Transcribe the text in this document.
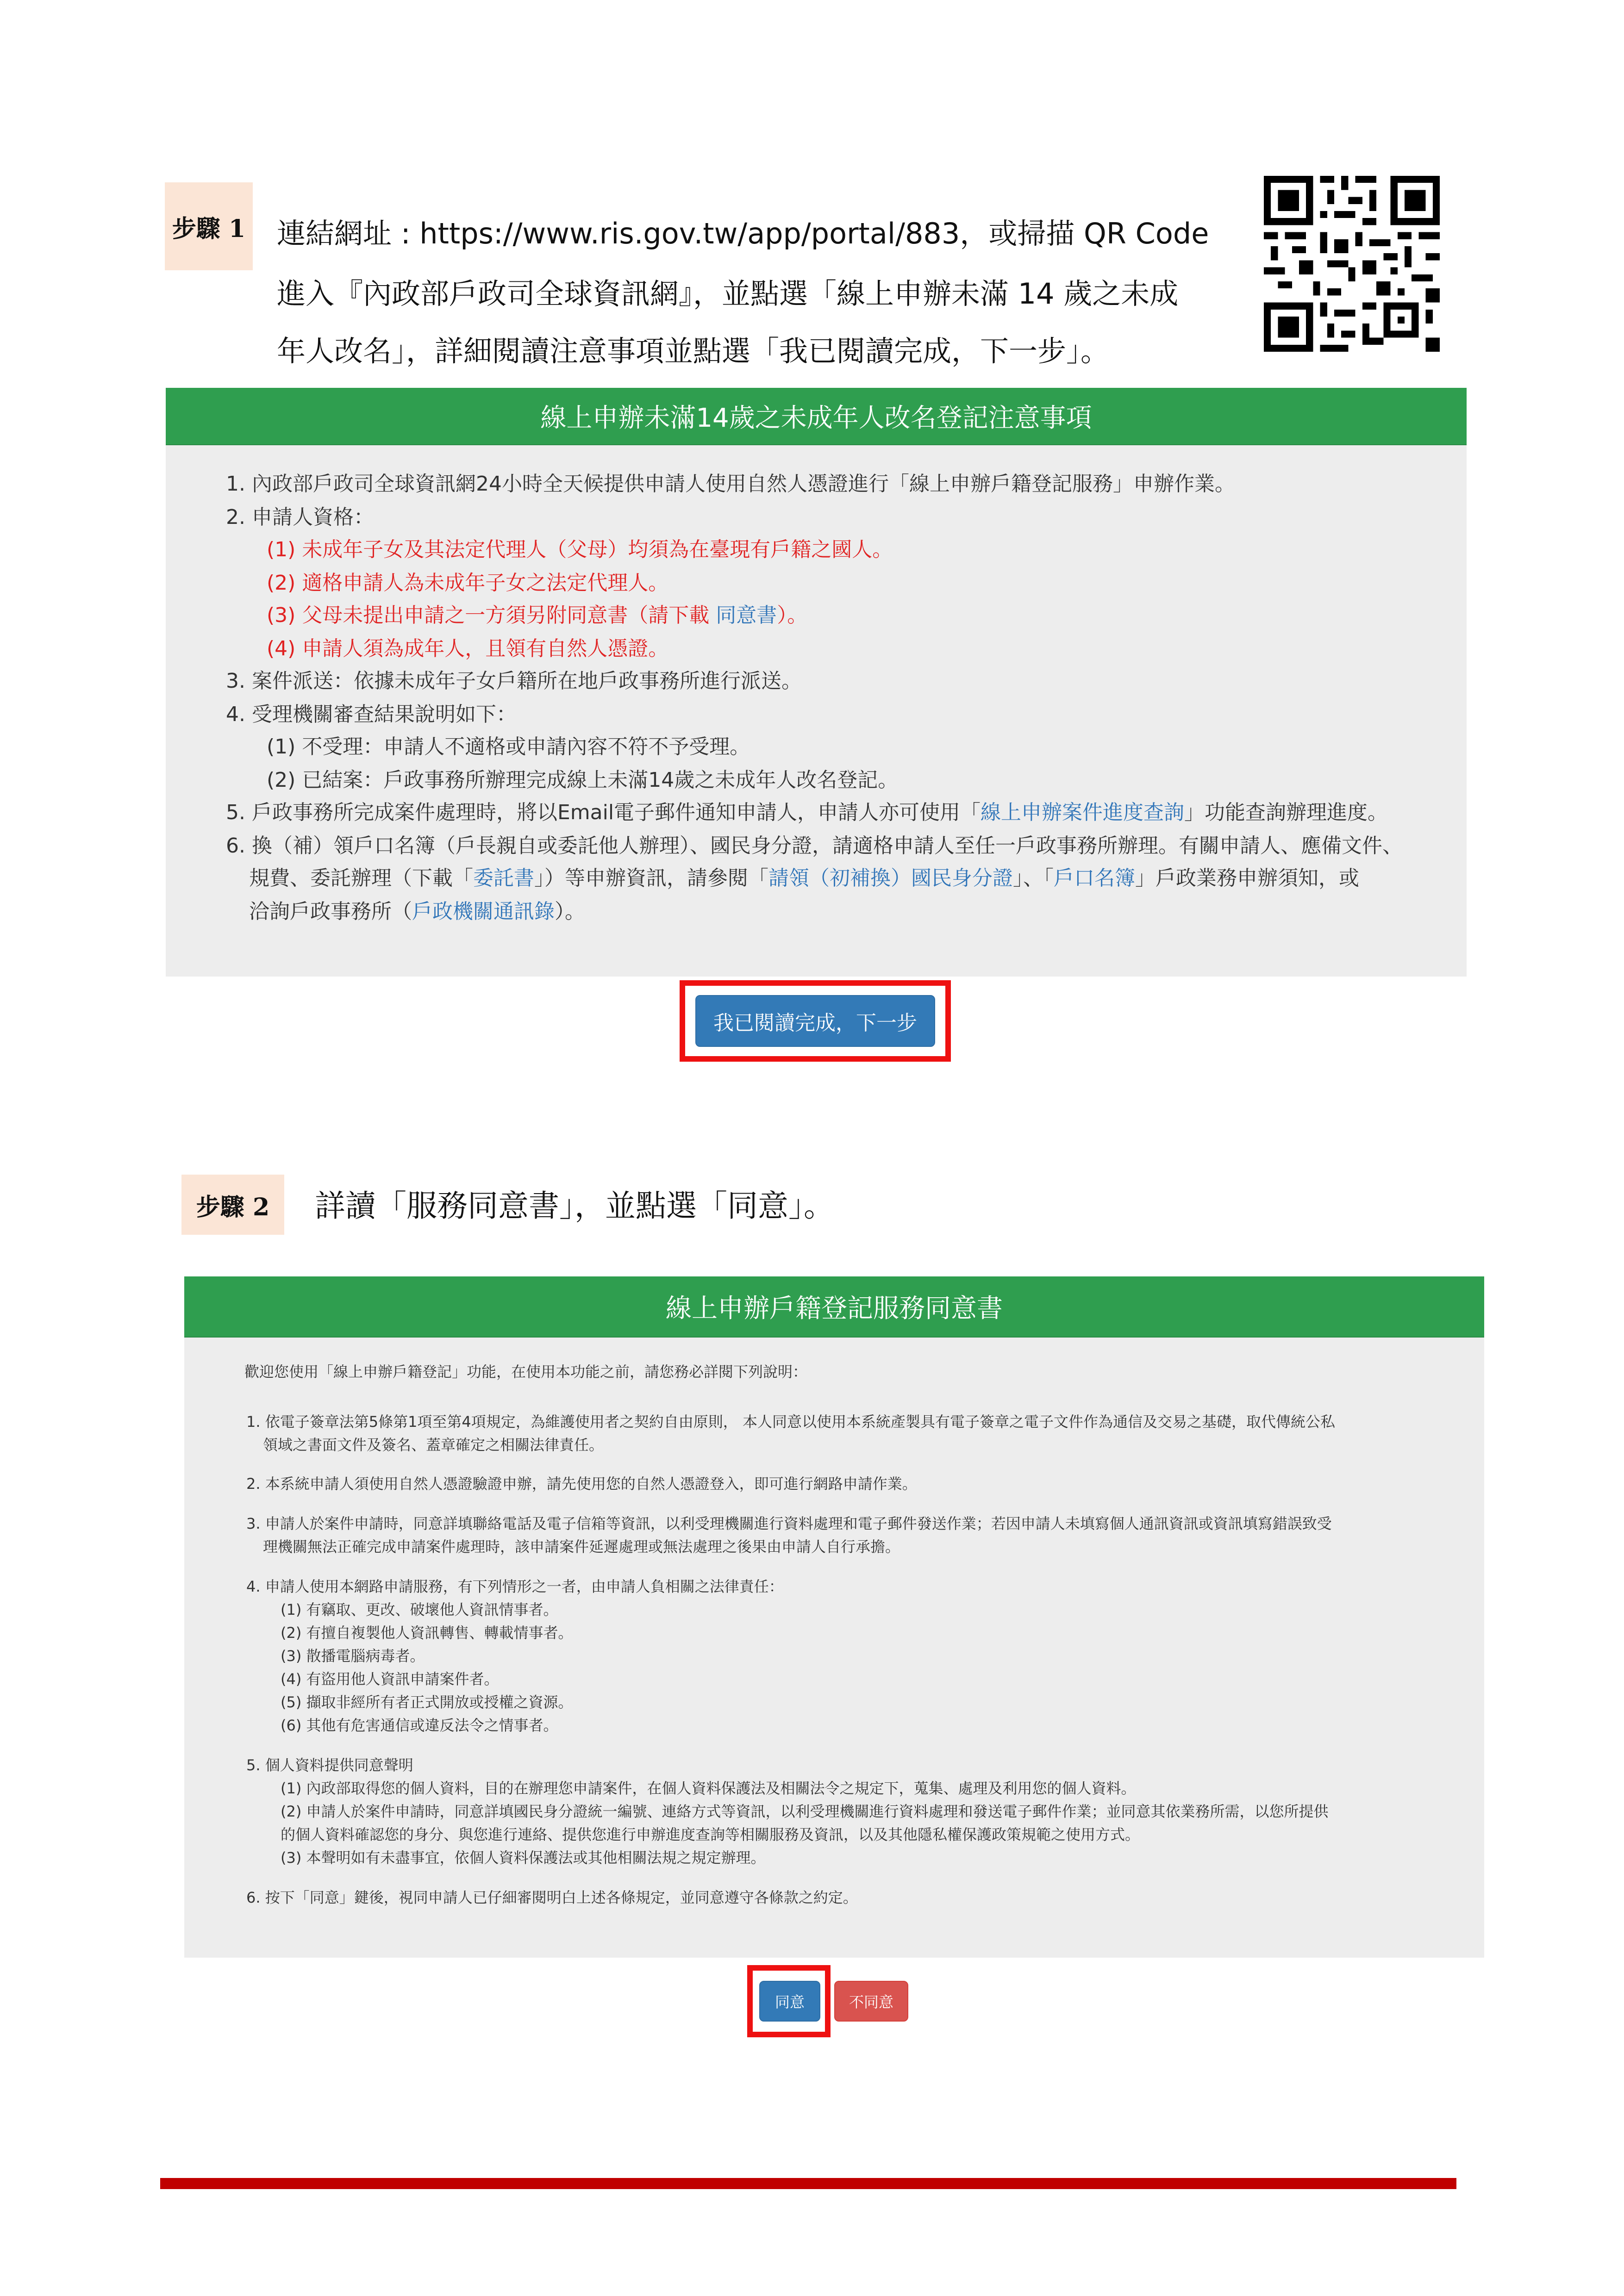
步驟 1 連結網址 : https://www.ris.gov.tw/app/portal/883，或掃描 QR Code
進入『內政部戶政司全球資訊網』，並點選「線上申辦未滿 14 歲之未成
年人改名」，詳細閱讀注意事項並點選「我已閱讀完成，下一步」。
線上申辦未滿14歲之未成年人改名登記注意事項
1. 內政部戶政司全球資訊網24小時全天候提供申請人使用自然人憑證進行「線上申辦戶籍登記服務」申辦作業。
2. 申請人資格：
(1) 未成年子女及其法定代理人（父母）均須為在臺現有戶籍之國人。
(2) 適格申請人為未成年子女之法定代理人。
(3) 父母未提出申請之一方須另附同意書（請下載 同意書）。
(4) 申請人須為成年人，且領有自然人憑證。
3. 案件派送：依據未成年子女戶籍所在地戶政事務所進行派送。
4. 受理機關審查結果說明如下：
(1) 不受理：申請人不適格或申請內容不符不予受理。
(2) 已結案：戶政事務所辦理完成線上未滿14歲之未成年人改名登記。
5. 戶政事務所完成案件處理時，將以Email電子郵件通知申請人，申請人亦可使用「線上申辦案件進度查詢」功能查詢辦理進度。
6. 換（補）領戶口名簿（戶長親自或委託他人辦理）、國民身分證，請適格申請人至任一戶政事務所辦理。有關申請人、應備文件、
規費、委託辦理（下載「委託書」）等申辦資訊，請參閱「請領（初補換）國民身分證」、「戶口名簿」戶政業務申辦須知，或
洽詢戶政事務所（戶政機關通訊錄）。
我已閱讀完成，下一步
步驟 2 詳讀「服務同意書」，並點選「同意」。
線上申辦戶籍登記服務同意書
歡迎您使用「線上申辦戶籍登記」功能，在使用本功能之前，請您務必詳閱下列說明：
1. 依電子簽章法第5條第1項至第4項規定，為維護使用者之契約自由原則， 本人同意以使用本系統產製具有電子簽章之電子文件作為通信及交易之基礎，取代傳統公私
領域之書面文件及簽名、蓋章確定之相關法律責任。
2. 本系統申請人須使用自然人憑證驗證申辦，請先使用您的自然人憑證登入，即可進行網路申請作業。
3. 申請人於案件申請時，同意詳填聯絡電話及電子信箱等資訊，以利受理機關進行資料處理和電子郵件發送作業；若因申請人未填寫個人通訊資訊或資訊填寫錯誤致受
理機關無法正確完成申請案件處理時，該申請案件延遲處理或無法處理之後果由申請人自行承擔。
4. 申請人使用本網路申請服務，有下列情形之一者，由申請人負相關之法律責任：
(1) 有竊取、更改、破壞他人資訊情事者。
(2) 有擅自複製他人資訊轉售、轉載情事者。
(3) 散播電腦病毒者。
(4) 有盜用他人資訊申請案件者。
(5) 擷取非經所有者正式開放或授權之資源。
(6) 其他有危害通信或違反法令之情事者。
5. 個人資料提供同意聲明
(1) 內政部取得您的個人資料，目的在辦理您申請案件，在個人資料保護法及相關法令之規定下，蒐集、處理及利用您的個人資料。
(2) 申請人於案件申請時，同意詳填國民身分證統一編號、連絡方式等資訊，以利受理機關進行資料處理和發送電子郵件作業；並同意其依業務所需，以您所提供
的個人資料確認您的身分、與您進行連絡、提供您進行申辦進度查詢等相關服務及資訊，以及其他隱私權保護政策規範之使用方式。
(3) 本聲明如有未盡事宜，依個人資料保護法或其他相關法規之規定辦理。
6. 按下「同意」鍵後，視同申請人已仔細審閱明白上述各條規定，並同意遵守各條款之約定。
同意	不同意
